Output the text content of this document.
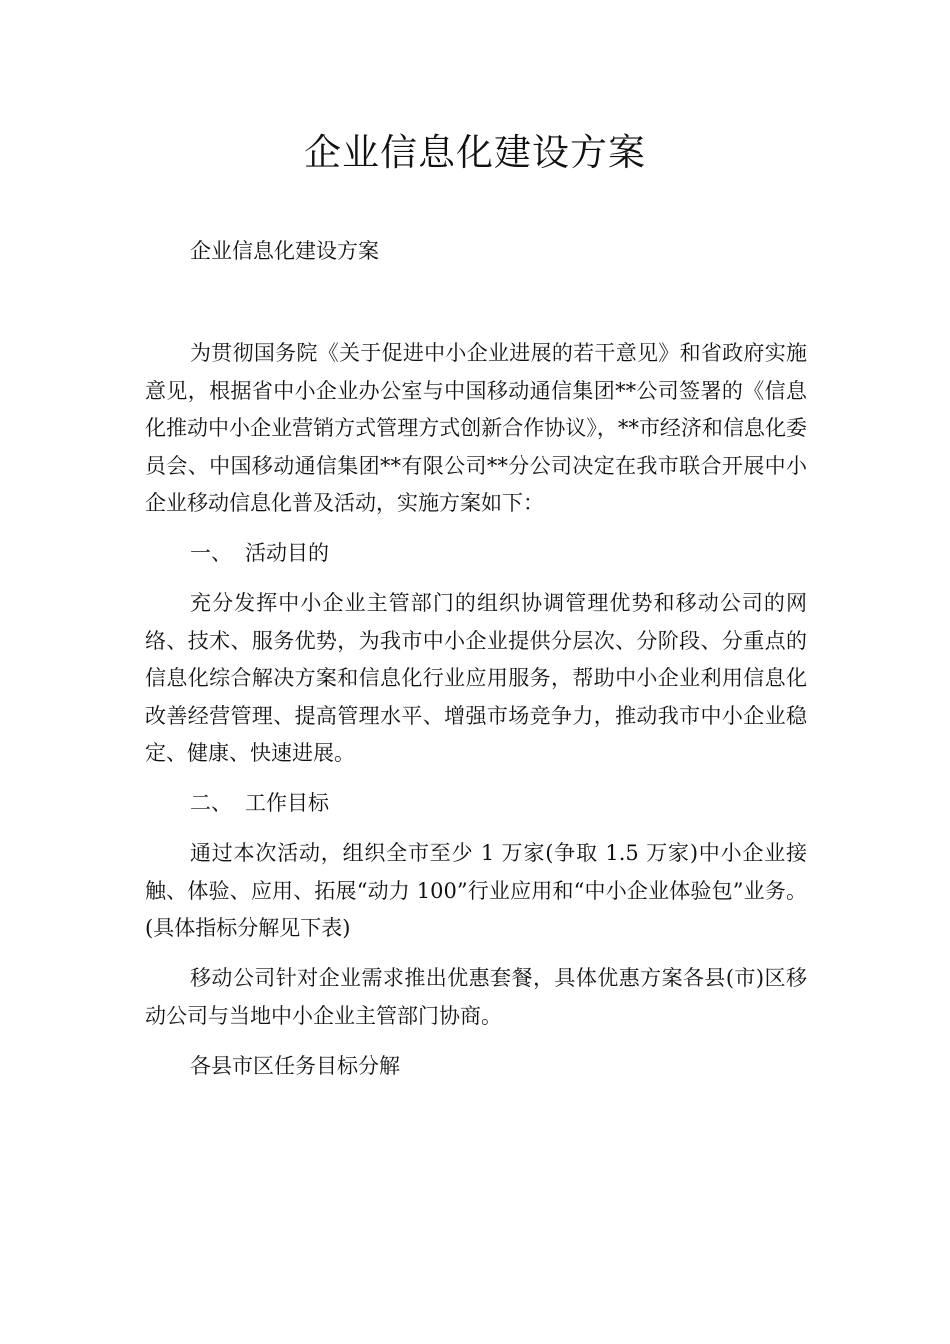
企业信息化建设方案
企业信息化建设方案

为贯彻国务院《关于促进中小企业进展的若干意见》和省政府实施意见，根据省中小企业办公室与中国移动通信集团**公司签署的《信息化推动中小企业营销方式管理方式创新合作协议》，**市经济和信息化委员会、中国移动通信集团**有限公司**分公司决定在我市联合开展中小企业移动信息化普及活动，实施方案如下：

一、 活动目的

充分发挥中小企业主管部门的组织协调管理优势和移动公司的网络、技术、服务优势，为我市中小企业提供分层次、分阶段、分重点的信息化综合解决方案和信息化行业应用服务，帮助中小企业利用信息化改善经营管理、提高管理水平、增强市场竞争力，推动我市中小企业稳定、健康、快速进展。

二、 工作目标

通过本次活动，组织全市至少 1 万家(争取 1.5 万家)中小企业接触、体验、应用、拓展“动力 100”行业应用和“中小企业体验包”业务。(具体指标分解见下表)

移动公司针对企业需求推出优惠套餐，具体优惠方案各县(市)区移动公司与当地中小企业主管部门协商。

各县市区任务目标分解
